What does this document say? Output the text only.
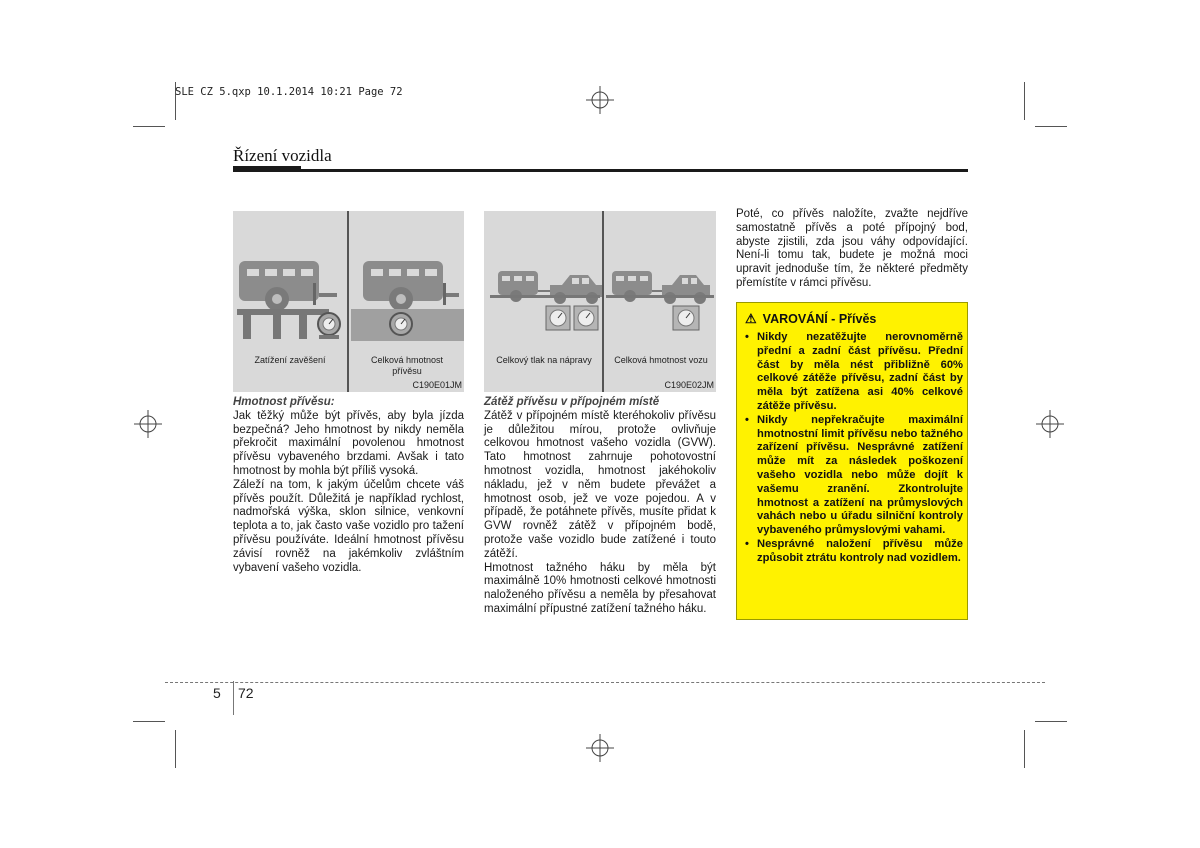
SLE CZ 5.qxp 10.1.2014 10:21 Page 72
Řízení vozidla
Zatížení zavěšení	Celková hmotnost
přívěsu
C190E01JM
Celkový tlak na nápravy	Celková hmotnost vozu
C190E02JM

Hmotnost přívěsu:

Jak těžký může být přívěs, aby byla jízda bezpečná? Jeho hmotnost by nikdy neměla překročit maximální povolenou hmotnost přívěsu vybaveného brzdami. Avšak i tato hmotnost by mohla být příliš vysoká.

Záleží na tom, k jakým účelům chcete váš přívěs použít. Důležitá je například rychlost, nadmořská výška, sklon silnice, venkovní teplota a to, jak často vaše vozidlo pro tažení přívěsu používáte. Ideální hmotnost přívěsu závisí rovněž na jakémkoliv zvláštním vybavení vašeho vozidla.

Zátěž přívěsu v přípojném místě

Zátěž v přípojném místě kteréhokoliv přívěsu je důležitou mírou, protože ovlivňuje celkovou hmotnost vašeho vozidla (GVW). Tato hmotnost zahrnuje pohotovostní hmotnost vozidla, hmotnost jakéhokoliv nákladu, jež v něm budete převážet a hmotnost osob, jež ve voze pojedou. A v případě, že potáhnete přívěs, musíte přidat k GVW rovněž zátěž v přípojném bodě, protože vaše vozidlo bude zatížené i touto zátěží.

Hmotnost tažného háku by měla být maximálně 10% hmotnosti celkové hmotnosti naloženého přívěsu a neměla by přesahovat maximální přípustné zatížení tažného háku.

Poté, co přívěs naložíte, zvažte nejdříve samostatně přívěs a poté přípojný bod, abyste zjistili, zda jsou váhy odpovídající. Není-li tomu tak, budete je možná moci upravit jednoduše tím, že některé předměty přemístíte v rámci přívěsu.

⚠ VAROVÁNÍ - Přívěs
• Nikdy nezatěžujte nerovnoměrně přední a zadní část přívěsu. Přední část by měla nést přibližně 60% celkové zátěže přívěsu, zadní část by měla být zatížena asi 40% celkové zátěže přívěsu.
• Nikdy nepřekračujte maximální hmotnostní limit přívěsu nebo tažného zařízení přívěsu. Nesprávné zatížení může mít za následek poškození vašeho vozidla nebo může dojít k vašemu zranění. Zkontrolujte hmotnost a zatížení na průmyslových vahách nebo u úřadu silniční kontroly vybaveného průmyslovými vahami.
• Nesprávné naložení přívěsu může způsobit ztrátu kontroly nad vozidlem.
5 72
